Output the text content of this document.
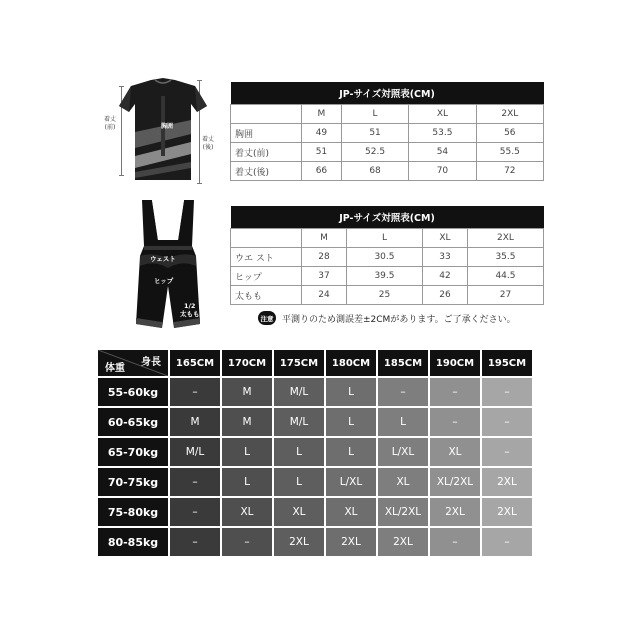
着丈(前)
着丈(後)
胸囲
JP-サイズ対照表(CM)				
	M	L	XL	2XL
胸囲	49	51	53.5	56
着丈(前)	51	52.5	54	55.5
着丈(後)	66	68	70	72
ウェスト
ヒップ
1/2
太もも
JP-サイズ対照表(CM)				
	M	L	XL	2XL
ウエ スト	28	30.5	33	35.5
ヒップ	37	39.5	42	44.5
太もも	24	25	26	27
注意 平測りのため測誤差±2CMがあります。ご了承ください。
身長
体重	165CM	170CM	175CM	180CM	185CM	190CM	195CM
55-60kg	–	M	M/L	L	–	–	–
60-65kg	M	M	M/L	L	L	–	–
65-70kg	M/L	L	L	L	L/XL	XL	–
70-75kg	–	L	L	L/XL	XL	XL/2XL	2XL
75-80kg	–	XL	XL	XL	XL/2XL	2XL	2XL
80-85kg	–	–	2XL	2XL	2XL	–	–
